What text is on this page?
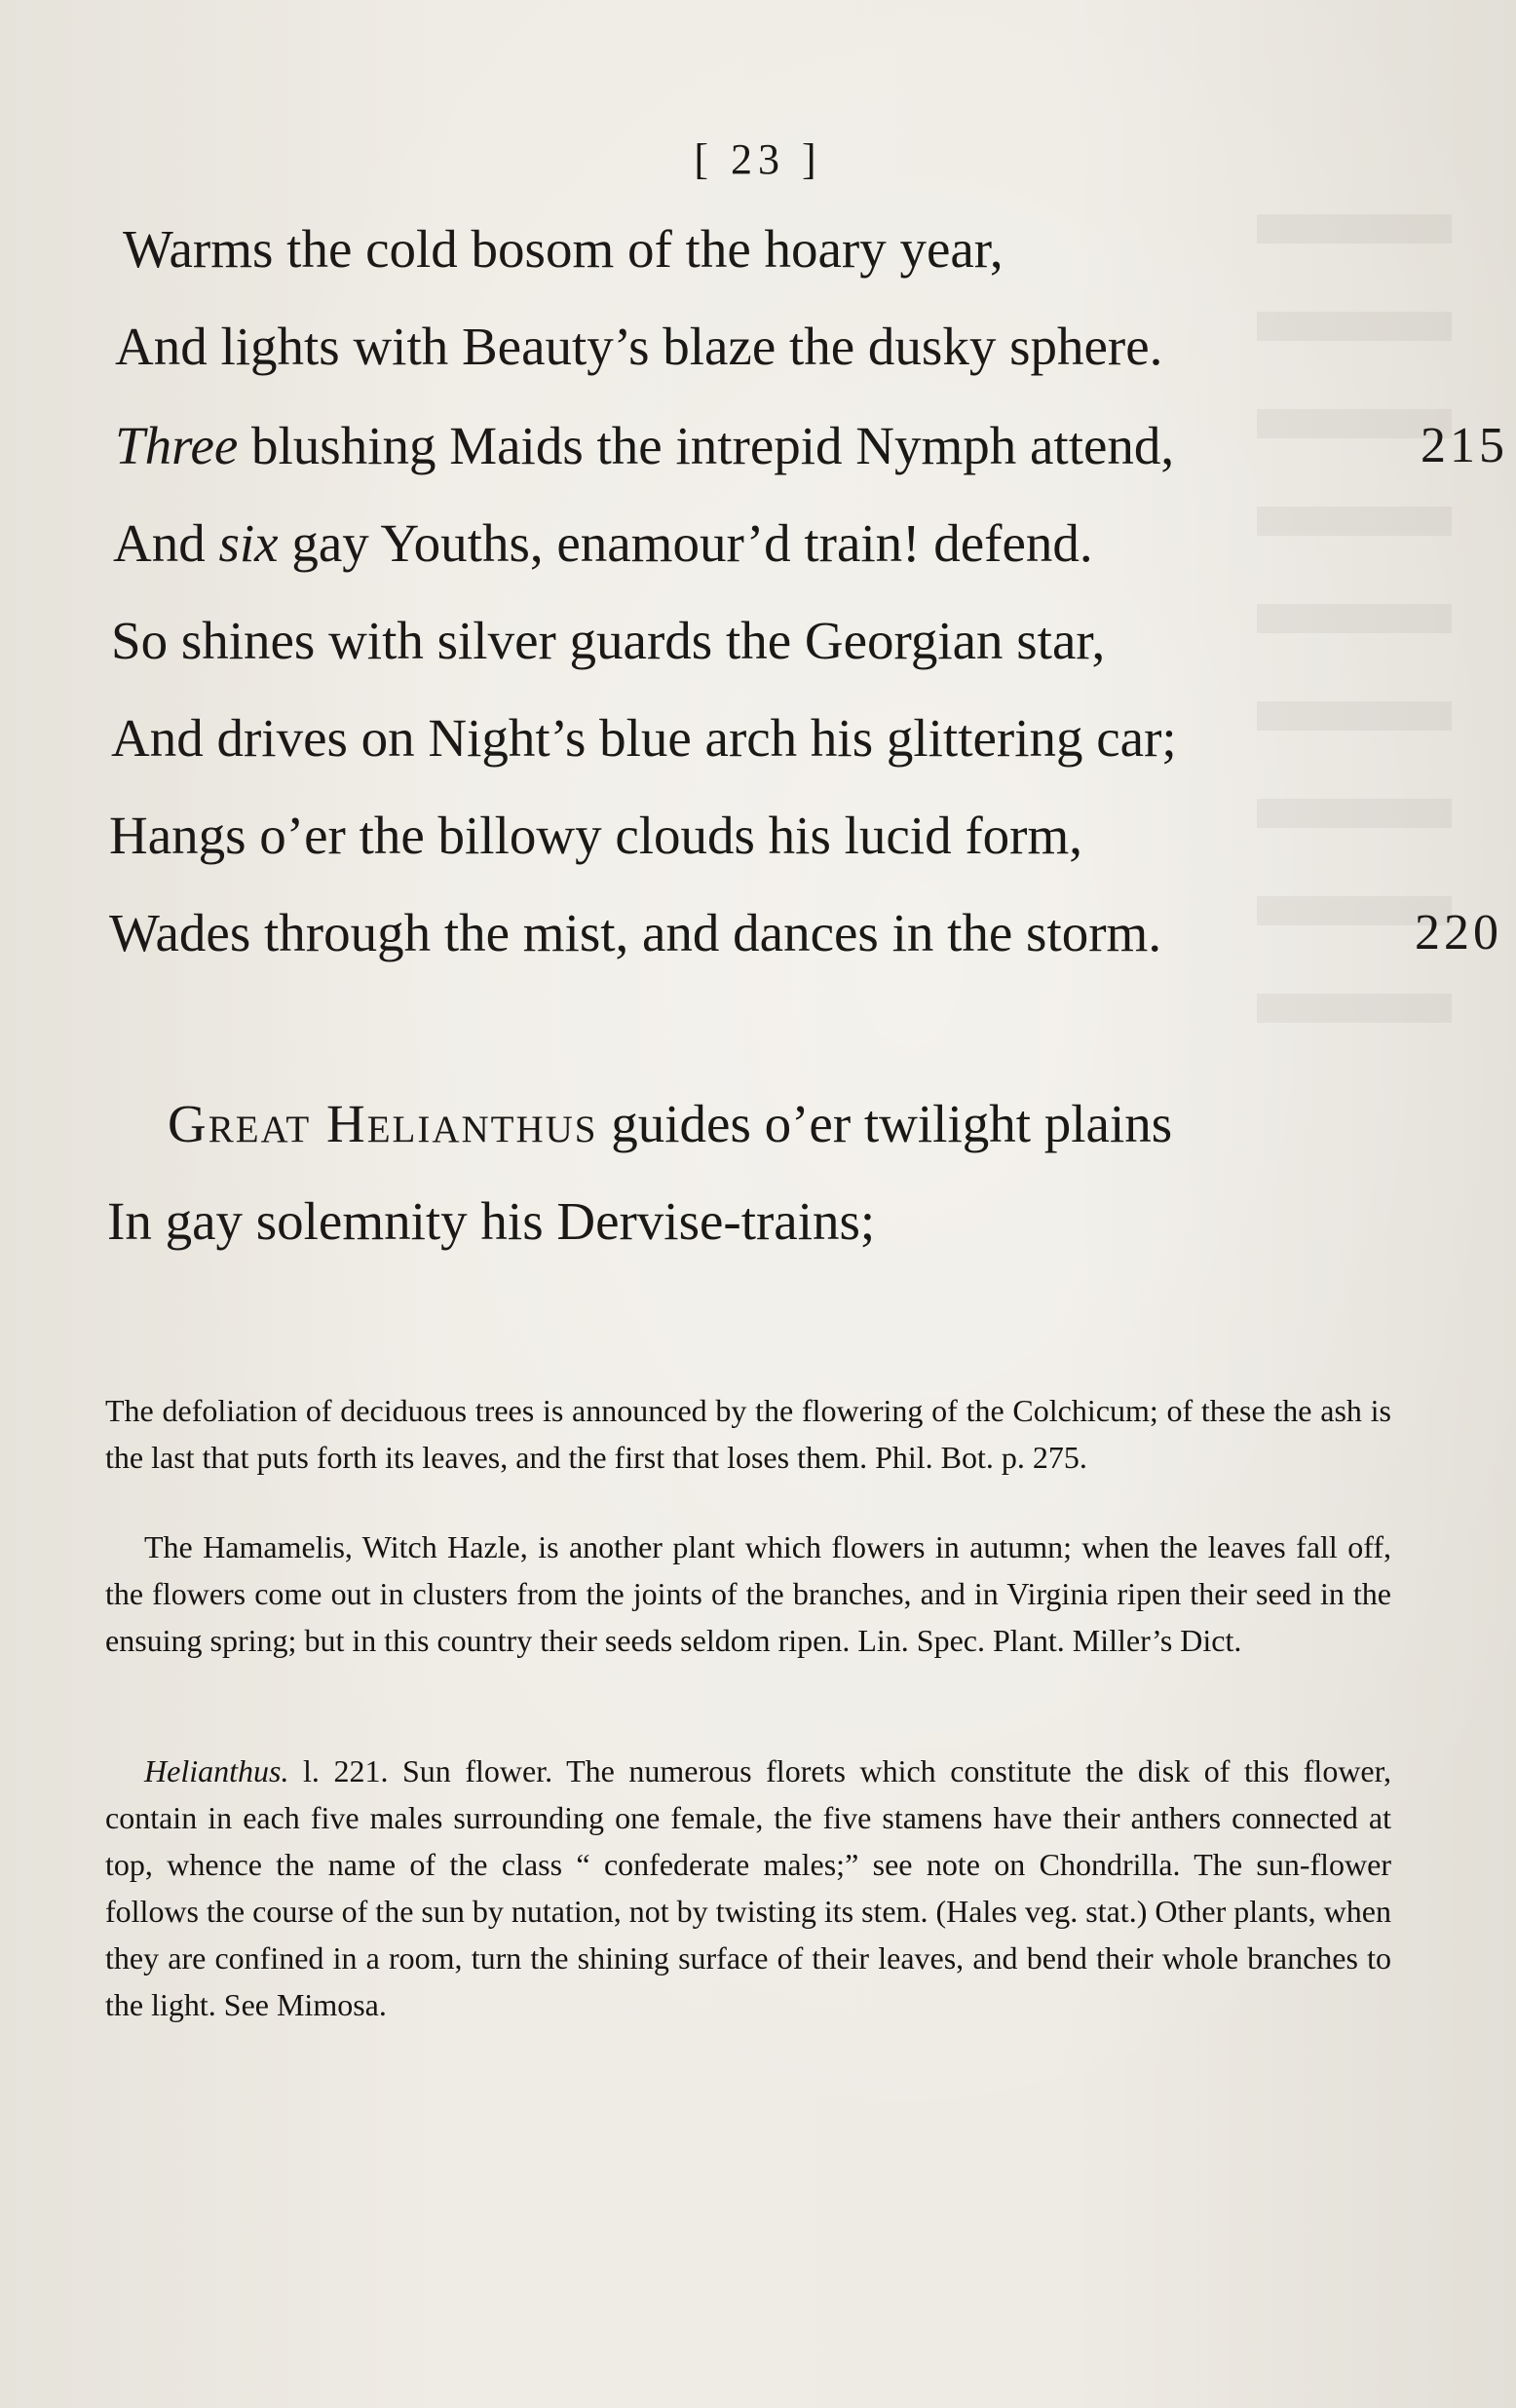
[ 23 ]
Warms the cold bosom of the hoary year,
And lights with Beauty’s blaze the dusky sphere.
Three blushing Maids the intrepid Nymph attend,	215
And six gay Youths, enamour’d train! defend.
So shines with silver guards the Georgian star,
And drives on Night’s blue arch his glittering car;
Hangs o’er the billowy clouds his lucid form,
Wades through the mist, and dances in the storm.	220
Great Helianthus guides o’er twilight plains
In gay solemnity his Dervise-trains;

The defoliation of deciduous trees is announced by the flowering of the Colchicum; of these the ash is the last that puts forth its leaves, and the first that loses them. Phil. Bot. p. 275.

The Hamamelis, Witch Hazle, is another plant which flowers in autumn; when the leaves fall off, the flowers come out in clusters from the joints of the branches, and in Virginia ripen their seed in the ensuing spring; but in this country their seeds seldom ripen. Lin. Spec. Plant. Miller’s Dict.

Helianthus. l. 221. Sun flower. The numerous florets which constitute the disk of this flower, contain in each five males surrounding one female, the five stamens have their anthers connected at top, whence the name of the class “ confederate males;” see note on Chondrilla. The sun-flower follows the course of the sun by nutation, not by twisting its stem. (Hales veg. stat.) Other plants, when they are confined in a room, turn the shining surface of their leaves, and bend their whole branches to the light. See Mimosa.
